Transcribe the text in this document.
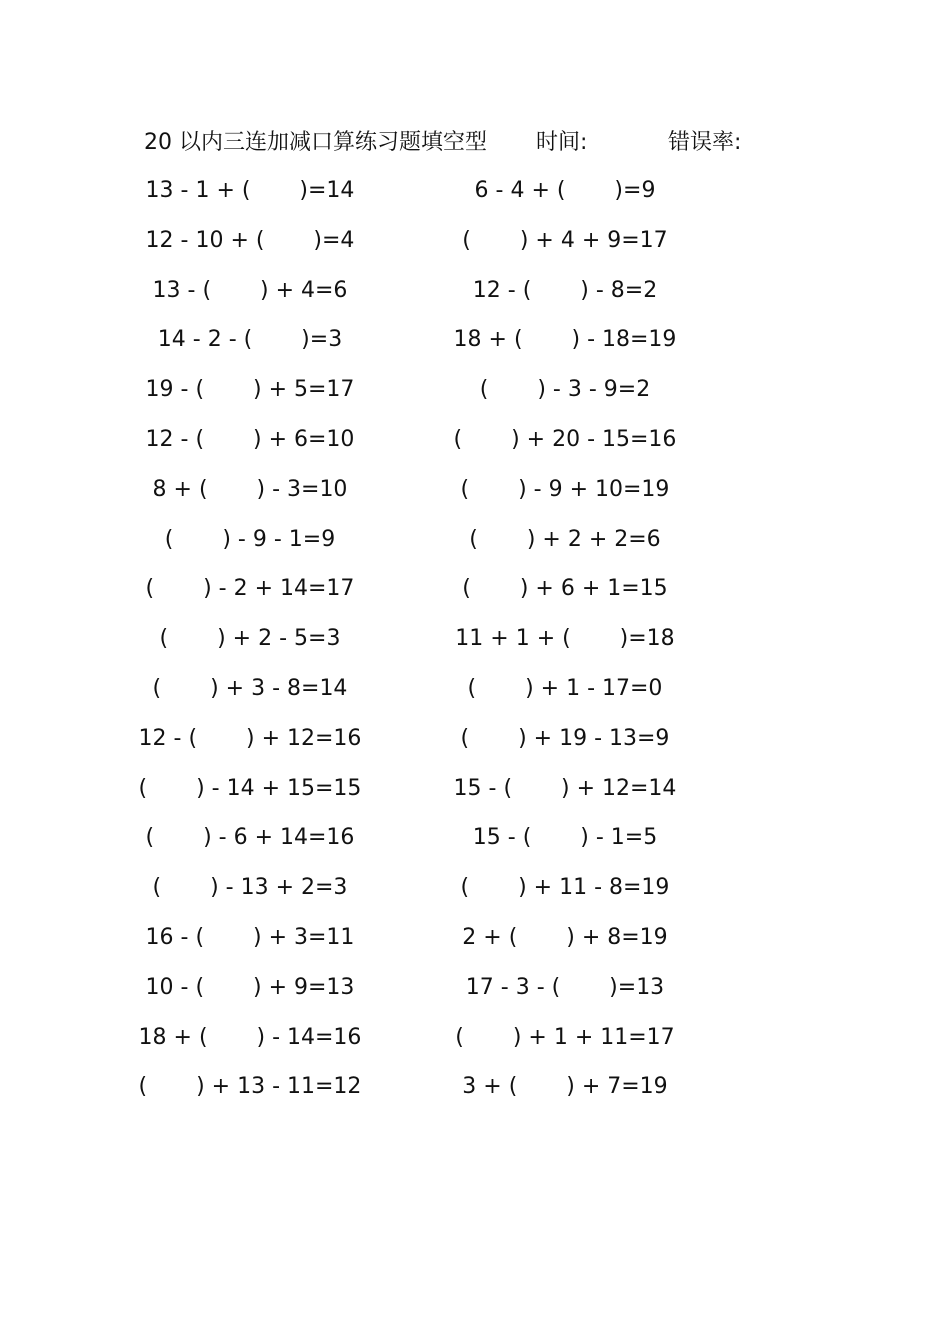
20 以内三连加减口算练习题填空型 时间:	错误率:
13 - 1 + (       )=14
12 - 10 + (       )=4
13 - (       ) + 4=6
14 - 2 - (       )=3
19 - (       ) + 5=17
12 - (       ) + 6=10
8 + (       ) - 3=10
(       ) - 9 - 1=9
(       ) - 2 + 14=17
(       ) + 2 - 5=3
(       ) + 3 - 8=14
12 - (       ) + 12=16
(       ) - 14 + 15=15
(       ) - 6 + 14=16
(       ) - 13 + 2=3
16 - (       ) + 3=11
10 - (       ) + 9=13
18 + (       ) - 14=16
(       ) + 13 - 11=12
6 - 4 + (       )=9
(       ) + 4 + 9=17
12 - (       ) - 8=2
18 + (       ) - 18=19
(       ) - 3 - 9=2
(       ) + 20 - 15=16
(       ) - 9 + 10=19
(       ) + 2 + 2=6
(       ) + 6 + 1=15
11 + 1 + (       )=18
(       ) + 1 - 17=0
(       ) + 19 - 13=9
15 - (       ) + 12=14
15 - (       ) - 1=5
(       ) + 11 - 8=19
2 + (       ) + 8=19
17 - 3 - (       )=13
(       ) + 1 + 11=17
3 + (       ) + 7=19
